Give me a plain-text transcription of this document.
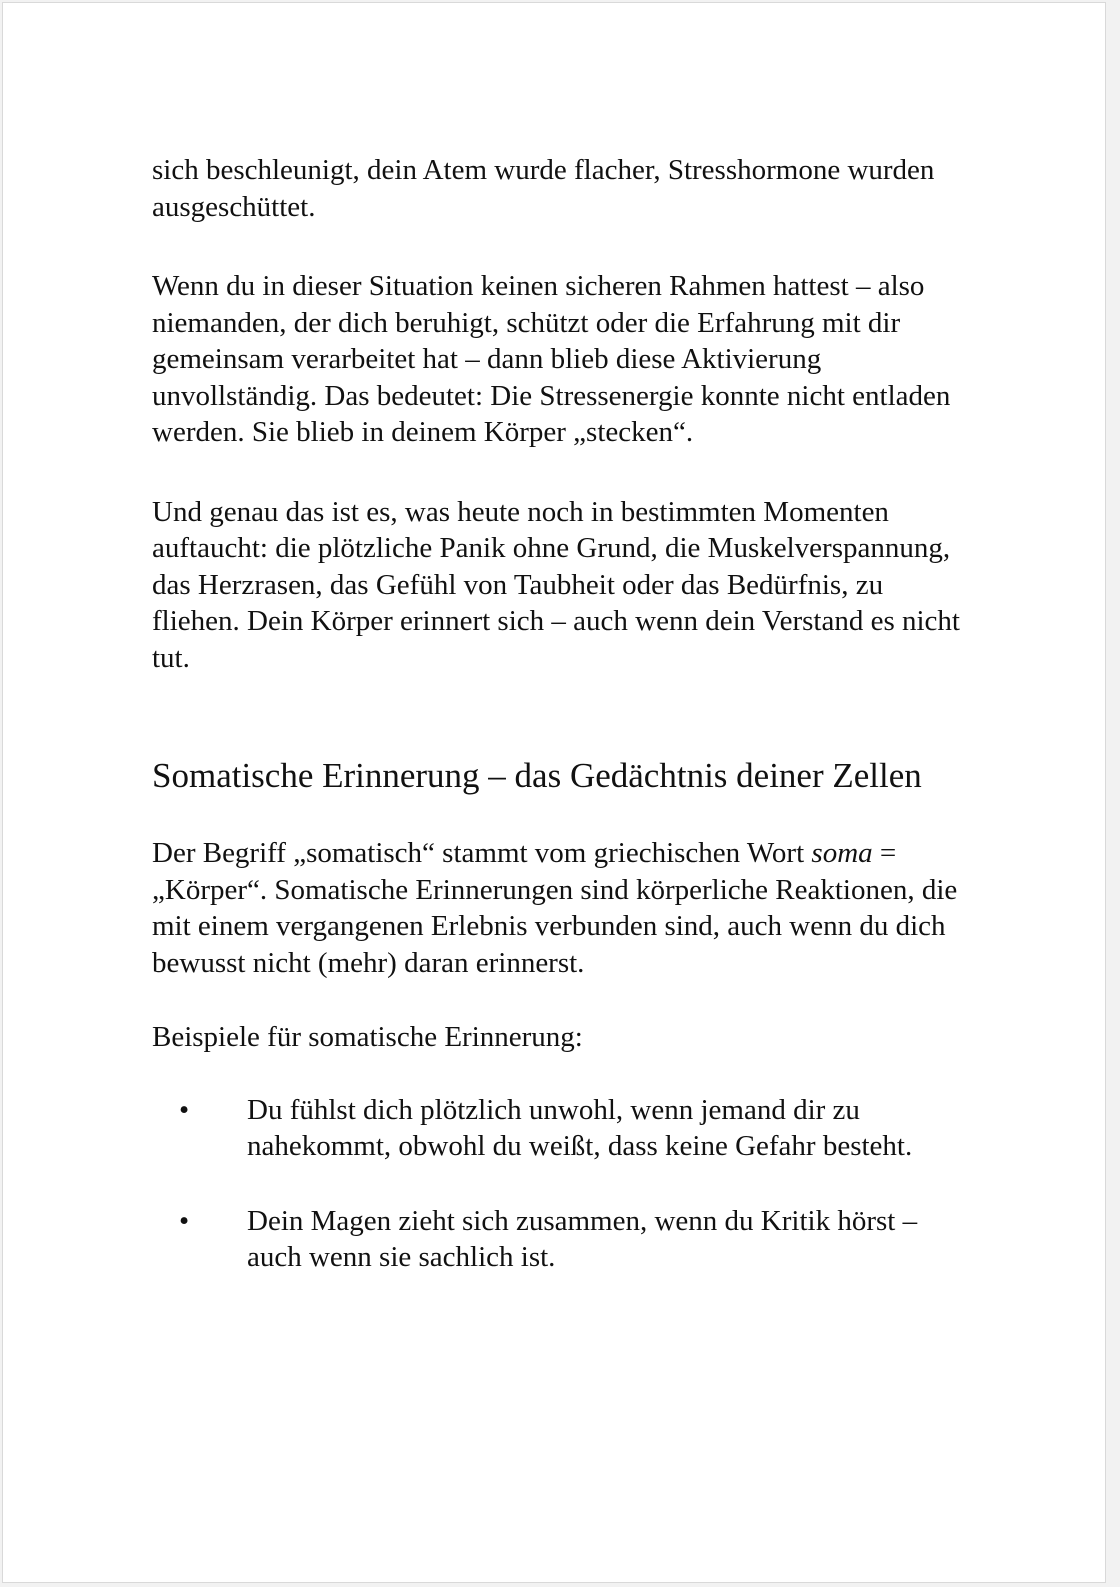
sich beschleunigt, dein Atem wurde flacher, Stresshormone wurden ausgeschüttet.

Wenn du in dieser Situation keinen sicheren Rahmen hattest – also niemanden, der dich beruhigt, schützt oder die Erfahrung mit dir gemeinsam verarbeitet hat – dann blieb diese Aktivierung unvollständig. Das bedeutet: Die Stressenergie konnte nicht entladen werden. Sie blieb in deinem Körper „stecken“.

Und genau das ist es, was heute noch in bestimmten Momenten auftaucht: die plötzliche Panik ohne Grund, die Muskelverspannung, das Herzrasen, das Gefühl von Taubheit oder das Bedürfnis, zu fliehen. Dein Körper erinnert sich – auch wenn dein Verstand es nicht tut.

Somatische Erinnerung – das Gedächtnis deiner Zellen

Der Begriff „somatisch“ stammt vom griechischen Wort soma = „Körper“. Somatische Erinnerungen sind körperliche Reaktionen, die mit einem vergangenen Erlebnis verbunden sind, auch wenn du dich bewusst nicht (mehr) daran erinnerst.

Beispiele für somatische Erinnerung:

• Du fühlst dich plötzlich unwohl, wenn jemand dir zu nahekommt, obwohl du weißt, dass keine Gefahr besteht.
• Dein Magen zieht sich zusammen, wenn du Kritik hörst – auch wenn sie sachlich ist.
